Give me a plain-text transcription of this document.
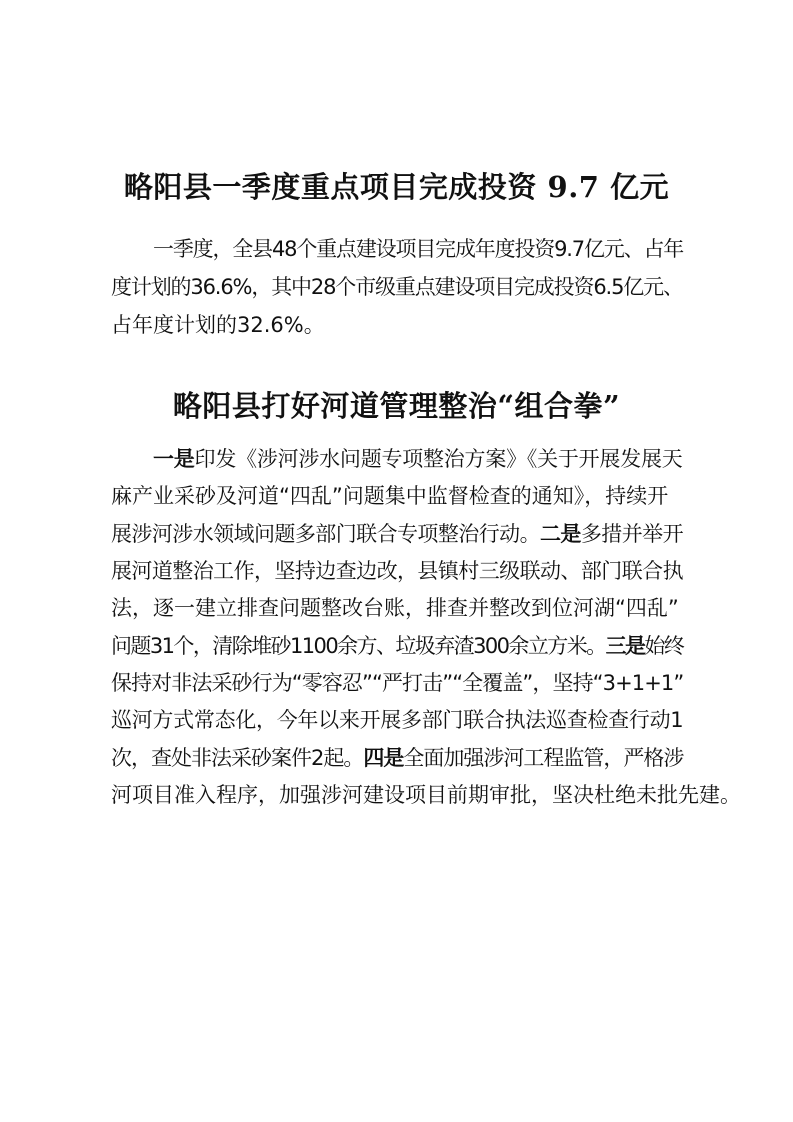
略阳县一季度重点项目完成投资 9.7 亿元

一季度，全县48个重点建设项目完成年度投资9.7亿元、占年
度计划的36.6%，其中28个市级重点建设项目完成投资6.5亿元、
占年度计划的32.6%。

略阳县打好河道管理整治“组合拳”

一是印发《涉河涉水问题专项整治方案》《关于开展发展天
麻产业采砂及河道“四乱”问题集中监督检查的通知》，持续开
展涉河涉水领域问题多部门联合专项整治行动。二是多措并举开
展河道整治工作，坚持边查边改，县镇村三级联动、部门联合执
法，逐一建立排查问题整改台账，排查并整改到位河湖“四乱”
问题31个，清除堆砂1100余方、垃圾弃渣300余立方米。三是始终
保持对非法采砂行为“零容忍”“严打击”“全覆盖”，坚持“3+1+1”
巡河方式常态化，今年以来开展多部门联合执法巡查检查行动1
次，查处非法采砂案件2起。四是全面加强涉河工程监管，严格涉
河项目准入程序，加强涉河建设项目前期审批，坚决杜绝未批先建。
